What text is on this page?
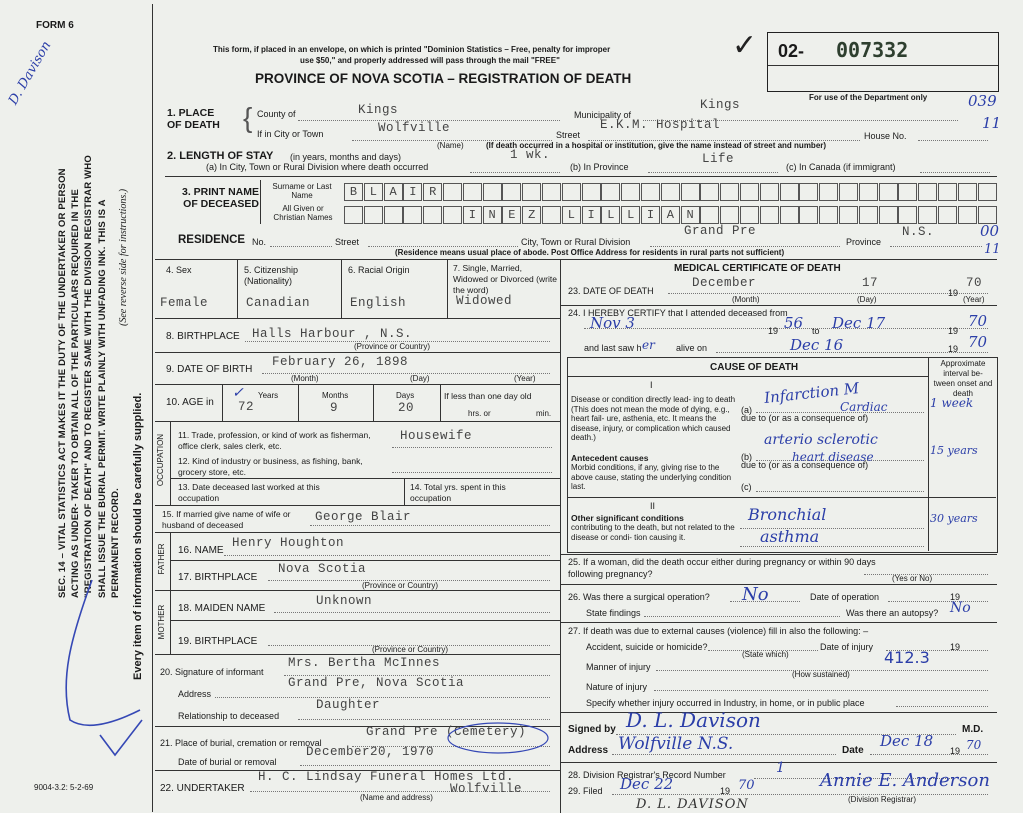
FORM 6
D. Davison	This form, if placed in an envelope, on which is printed "Dominion Statistics – Free, penalty for improper
use $50," and properly addressed will pass through the mail "FREE"
PROVINCE OF NOVA SCOTIA – REGISTRATION OF DEATH
✓ 02- 007332
For use of the Department only	039
11
00
11
SEC. 14 – VITAL STATISTICS ACT MAKES IT THE DUTY OF THE UNDERTAKER OR PERSON ACTING AS UNDER- TAKER TO OBTAIN ALL OF THE PARTICULARS REQUIRED IN THE "REGISTRATION OF DEATH" AND TO REGISTER SAME WITH THE DIVISION REGISTRAR WHO SHALL ISSUE THE BURIAL PERMIT. WRITE PLAINLY WITH UNFADING INK. THIS IS A PERMANENT RECORD. Every item of information should be carefully supplied.
(See reverse side for instructions.)
9004-3.2: 5-2-69
1. PLACE OF DEATH { County of	Kings	Municipality of
Kings
If in City or Town	Wolfville
(Name)
Street
E.K.M. Hospital
House No.
(If death occurred in a hospital or institution, give the name instead of street and number)
2. LENGTH OF STAY (in years, months and days)
(a) In City, Town or Rural Division where death occurred
1 wk.
(b) In Province
Life
(c) In Canada (if immigrant)
3. PRINT NAME OF DECEASED
Surname or Last Name
All Given or Christian Names
B	L	A	I	R
I	N	E	Z	L	I	L	L	I	A	N
RESIDENCE No.	Street	City, Town or Rural Division
Grand Pre
Province
N.S.
(Residence means usual place of abode. Post Office Address for residents in rural parts not sufficient)
4. Sex
Female
5. Citizenship (Nationality)
Canadian
6. Racial Origin
English
7. Single, Married, Widowed or Divorced (write the word)
Widowed
8. BIRTHPLACE Halls Harbour , N.S.
(Province or Country)
9. DATE OF BIRTH
February 26, 1898
(Month)	(Day)	(Year)
10. AGE in
Years
✓
72
Months
9
Days
20
If less than one day old
hrs. or	min.
OCCUPATION 11. Trade, profession, or kind of work as fisherman, office clerk, sales clerk, etc.
Housewife
12. Kind of industry or business, as fishing, bank, grocery store, etc.
13. Date deceased last worked at this occupation
14. Total yrs. spent in this occupation
15. If married give name of wife or husband of deceased
George Blair
FATHER 16. NAME
Henry Houghton
17. BIRTHPLACE
Nova Scotia
(Province or Country)
MOTHER 18. MAIDEN NAME
Unknown
19. BIRTHPLACE
(Province or Country)
20. Signature of informant
Mrs. Bertha McInnes
Address
Grand Pre, Nova Scotia
Relationship to deceased
Daughter
21. Place of burial, cremation or removal
Grand Pre (Cemetery)
Date of burial or removal
December20, 1970
22. UNDERTAKER
H. C. Lindsay Funeral Homes Ltd.
Wolfville
(Name and address)
MEDICAL CERTIFICATE OF DEATH
23. DATE OF DEATH
December	17
19
70
(Month)	(Day)	(Year)
24. I HEREBY CERTIFY that I attended deceased from
Nov 3	19 56 to Dec 17	19
70
and last saw h er alive on	Dec 16	19 70
CAUSE OF DEATH	Approximate interval be- tween onset and death
I
Disease or condition directly lead- ing to death (This does not mean the mode of dying, e.g., heart fail- ure, asthenia, etc. It means the disease, injury, or complication which caused death.)
(a)
Infarction M
Cardiac	1 week
due to (or as a consequence of)
Antecedent causes
Morbid conditions, if any, giving rise to the above cause, stating the underlying condition last.
(b)
arterio sclerotic
heart disease	15 years
due to (or as a consequence of)
(c)
II
Other significant conditions
contributing to the death, but not related to the disease or condi- tion causing it.
Bronchial
asthma
30 years
25. If a woman, did the death occur either during pregnancy or within 90 days following pregnancy?	(Yes or No)
26. Was there a surgical operation? No	Date of operation	19
State findings	Was there an autopsy? No
27. If death was due to external causes (violence) fill in also the following: –
Accident, suicide or homicide?
(State which)
Date of injury	19
412.3
Manner of injury
(How sustained)
Nature of injury
Specify whether injury occurred in Industry, in home, or in public place
Signed by D. L. Davison	M.D.
Address Wolfville N.S.	Date
Dec 18
19 70
28. Division Registrar's Record Number	1
29. Filed Dec 22	19 70	Annie E. Anderson
(Division Registrar)
D. L. DAVISON
